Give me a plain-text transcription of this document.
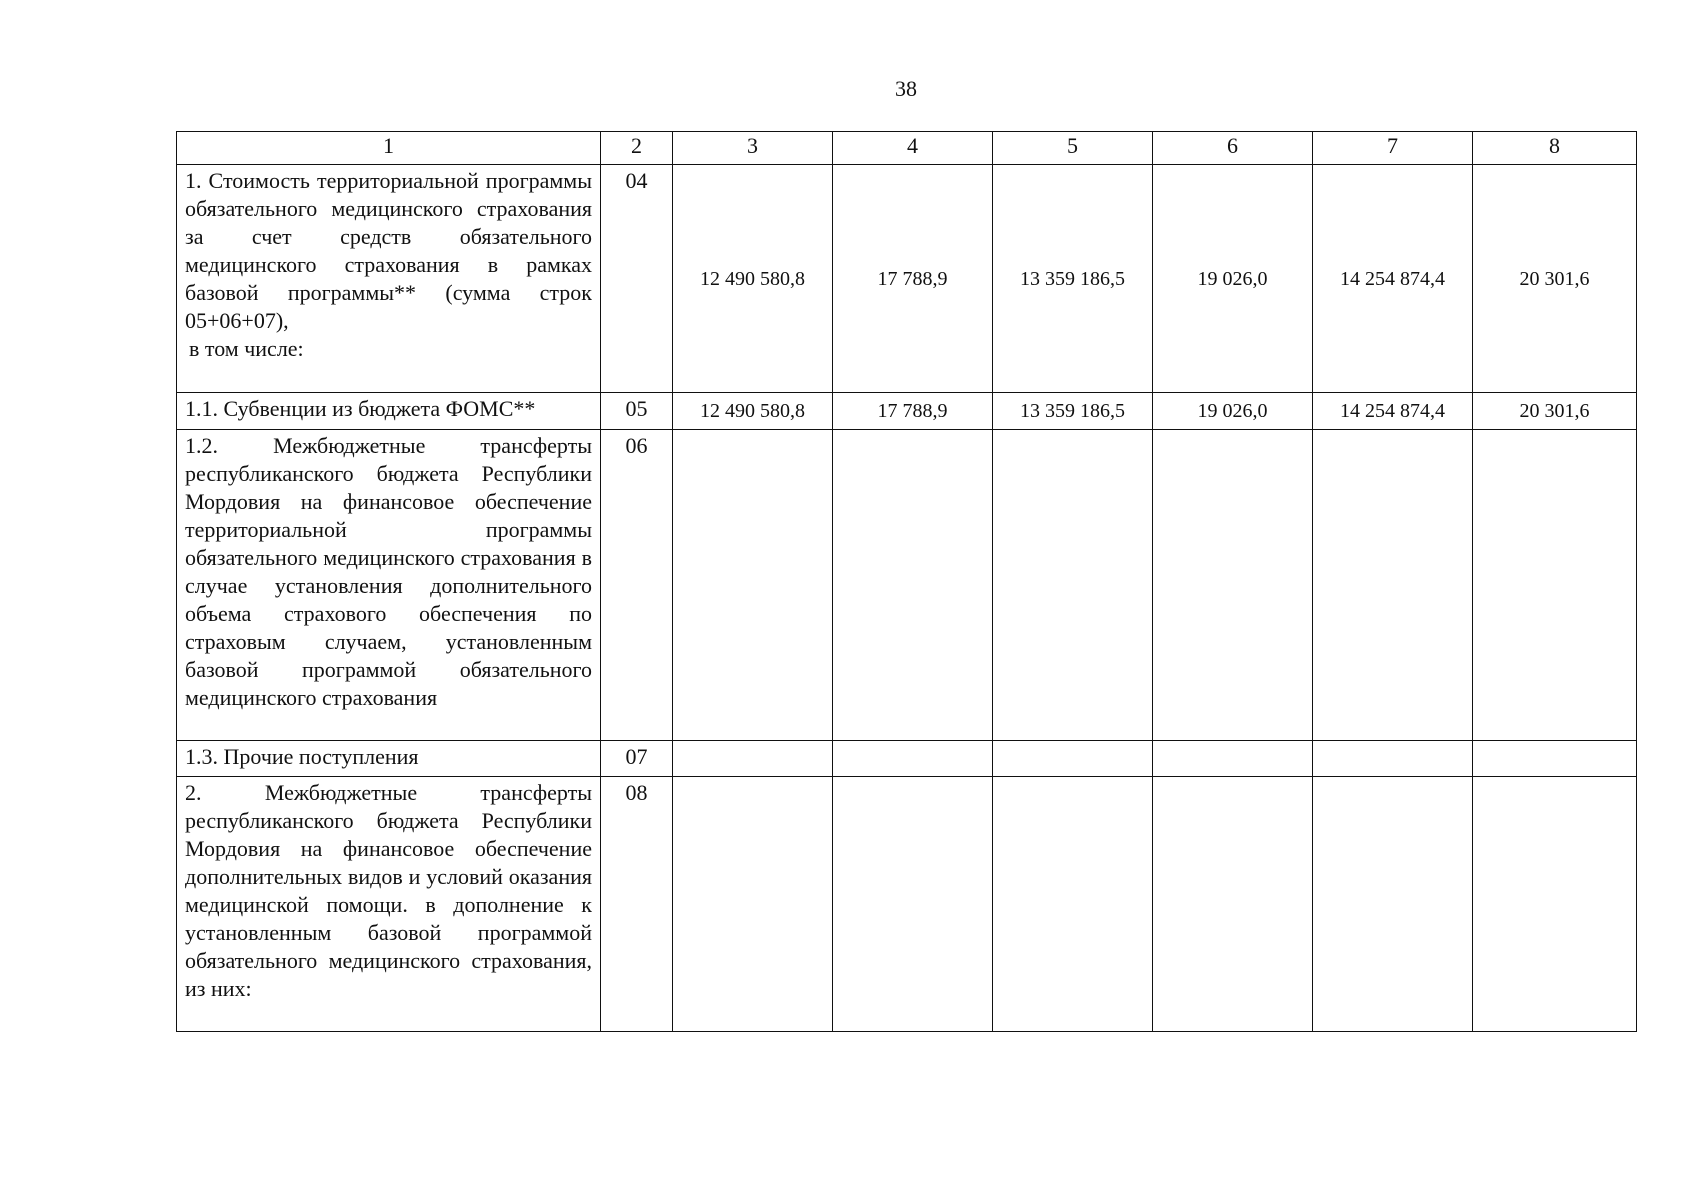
38
1	2	3	4	5	6	7	8
1. Стоимость территориальной программы обязательного медицинского страхования за счет средств обязательного медицинского страхования в рамках базовой программы** (сумма строк 05+06+07),
в том числе:	04	12 490 580,8	17 788,9	13 359 186,5	19 026,0	14 254 874,4	20 301,6
1.1. Субвенции из бюджета ФОМС**	05	12 490 580,8	17 788,9	13 359 186,5	19 026,0	14 254 874,4	20 301,6
1.2. Межбюджетные трансферты республиканского бюджета Республики Мордовия на финансовое обеспечение территориальной программы обязательного медицинского страхования в случае установления дополнительного объема страхового обеспечения по страховым случаем, установленным базовой программой обязательного медицинского страхования	06						
1.3. Прочие поступления	07						
2. Межбюджетные трансферты республиканского бюджета Республики Мордовия на финансовое обеспечение дополнительных видов и условий оказания медицинской помощи. в дополнение к установленным базовой программой обязательного медицинского страхования, из них:	08						
